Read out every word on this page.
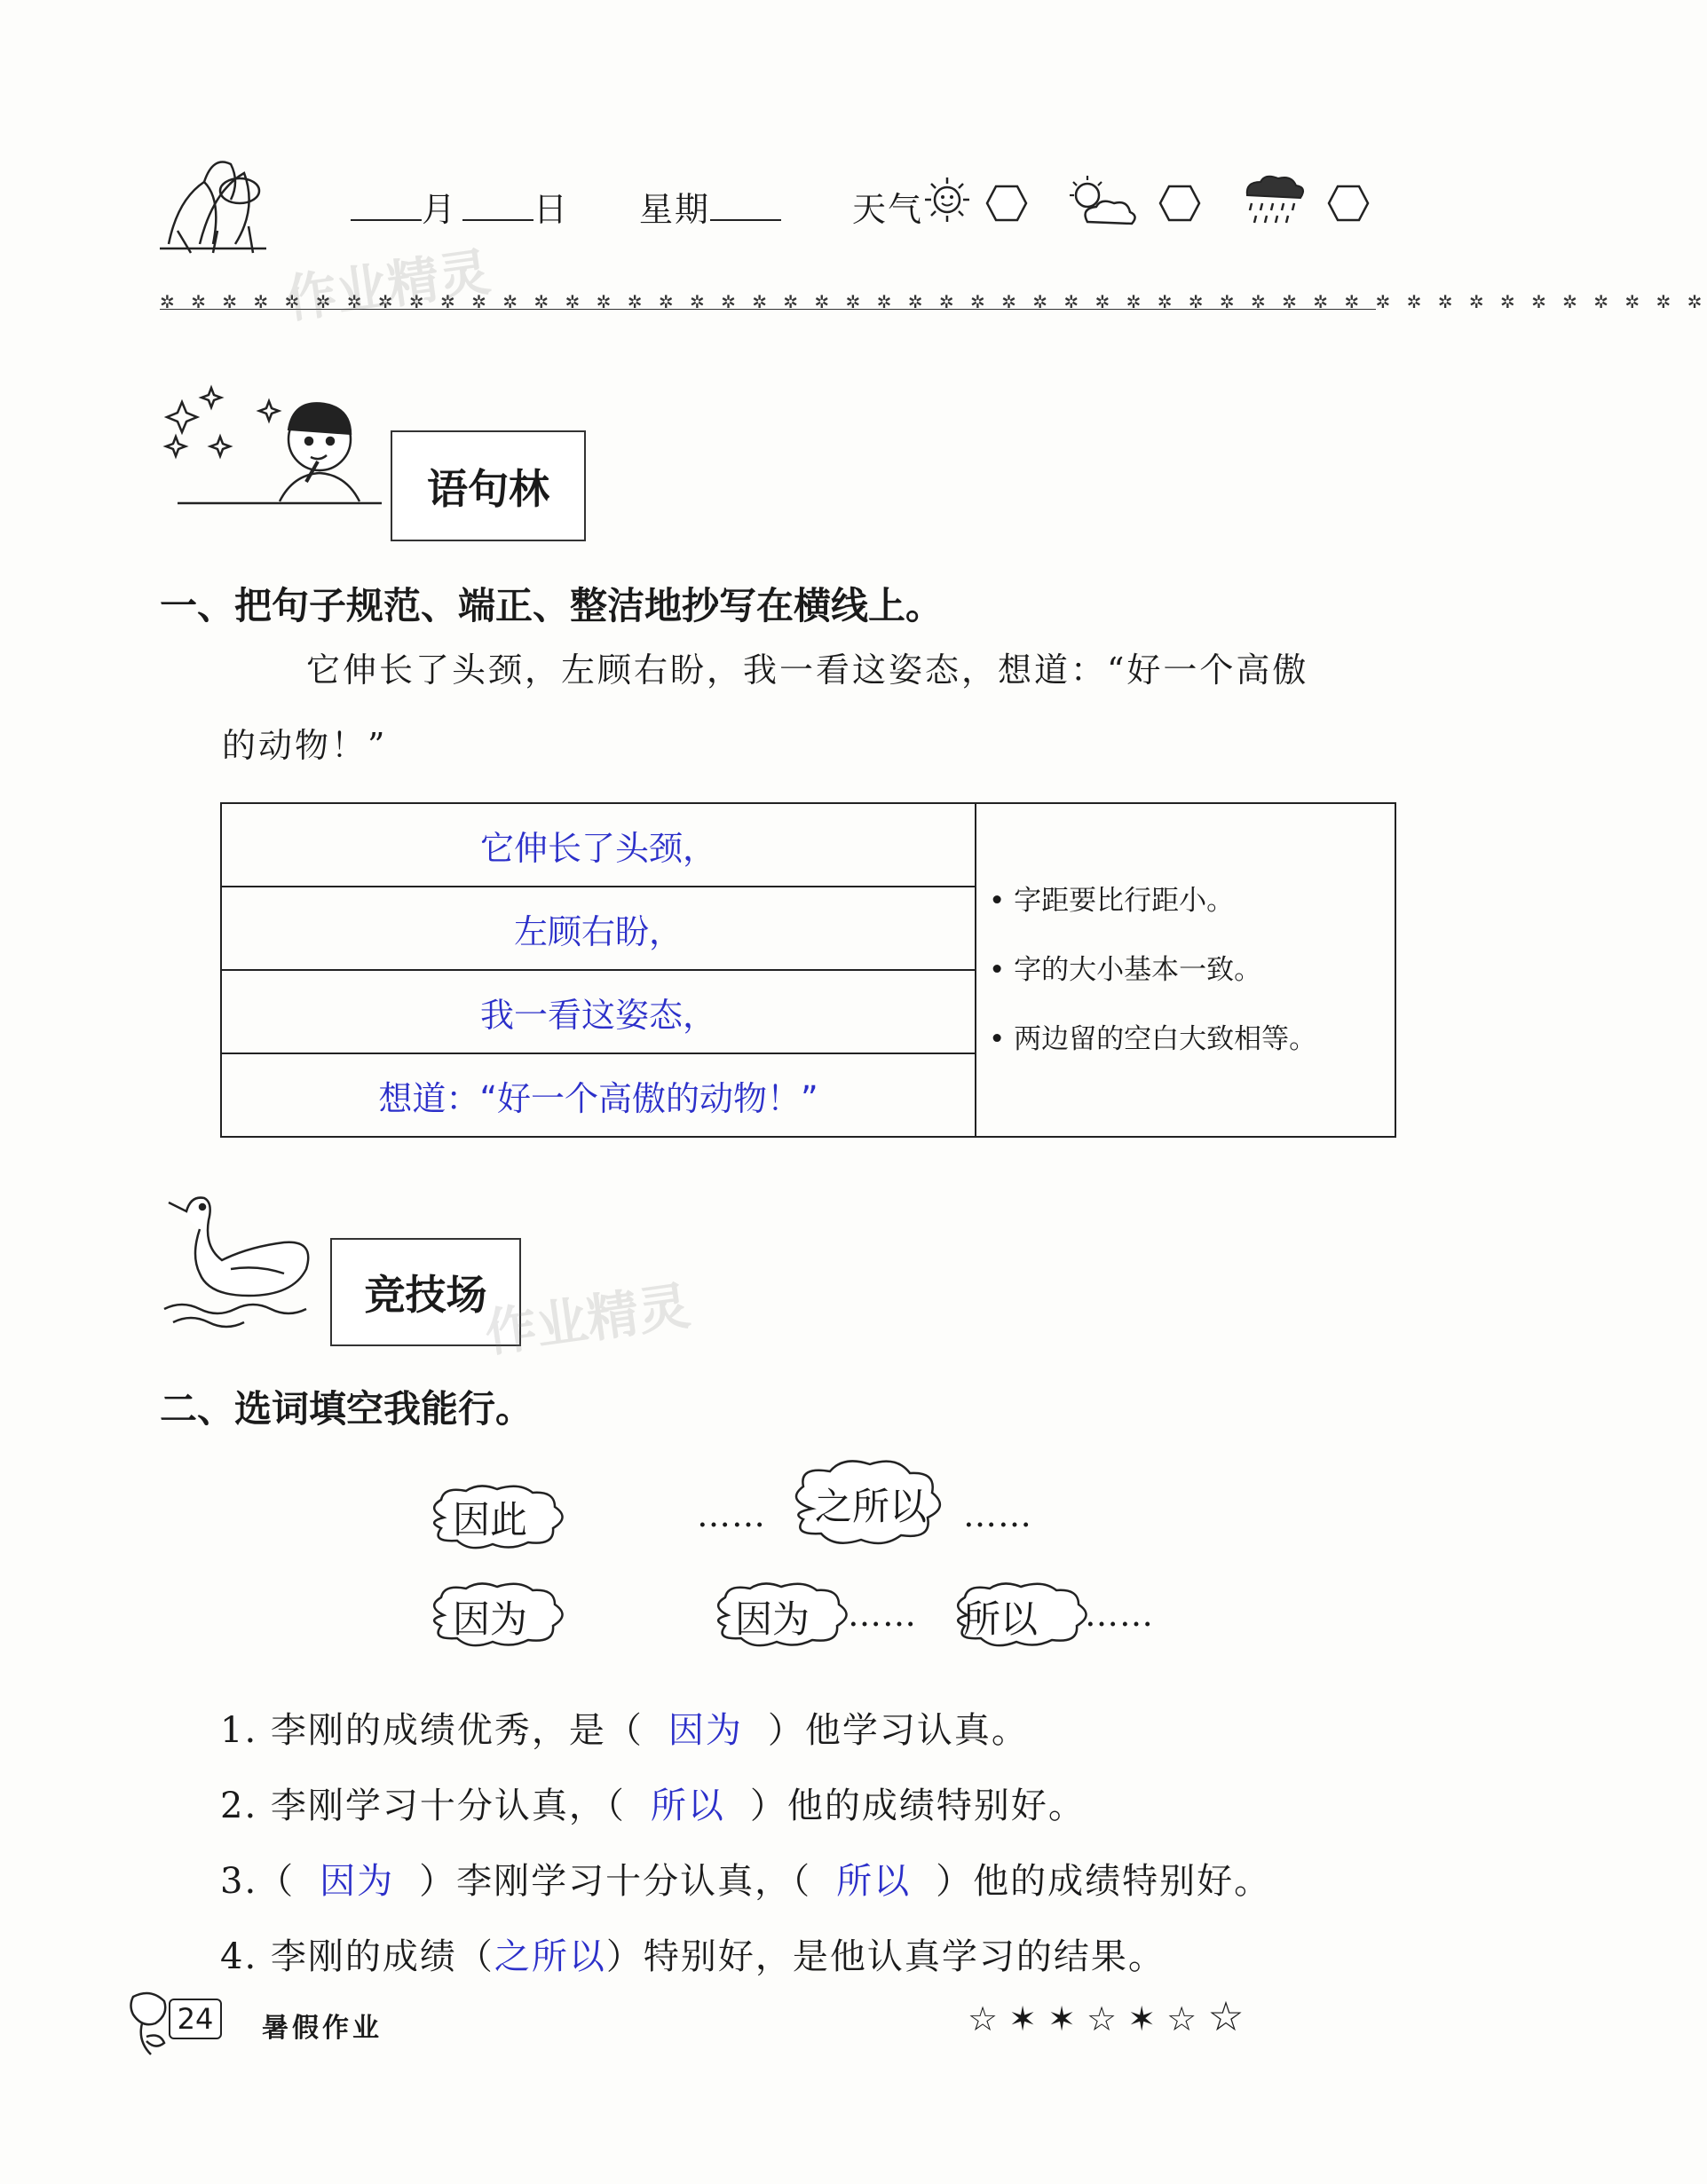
月 日 星期	天气
✲ ✲ ✲ ✲ ✲ ✲ ✲ ✲ ✲ ✲ ✲ ✲ ✲ ✲ ✲ ✲ ✲ ✲ ✲ ✲ ✲ ✲ ✲ ✲ ✲ ✲ ✲ ✲ ✲ ✲ ✲ ✲ ✲ ✲ ✲ ✲ ✲ ✲ ✲ ✲ ✲ ✲ ✲ ✲ ✲ ✲ ✲ ✲ ✲ ✲
作业精灵
语句林
一、把句子规范、端正、整洁地抄写在横线上。
它伸长了头颈，左顾右盼，我一看这姿态，想道：“好一个高傲
的动物！”
它伸长了头颈，	
• 字距要比行距小。
• 字的大小基本一致。
• 两边留的空白大致相等。

左顾右盼，
我一看这姿态，
想道：“好一个高傲的动物！”
竞技场
作业精灵
二、选词填空我能行。
因此	…… 之所以 ……
因为	因为 …… 所以 ……
1. 李刚的成绩优秀，是（ 因为 ）他学习认真。
2. 李刚学习十分认真，（ 所以 ）他的成绩特别好。
3.（ 因为 ）李刚学习十分认真，（ 所以 ）他的成绩特别好。
4. 李刚的成绩（之所以）特别好，是他认真学习的结果。
24 暑假作业	☆ ✶ ✶ ☆ ✶ ☆ ☆
